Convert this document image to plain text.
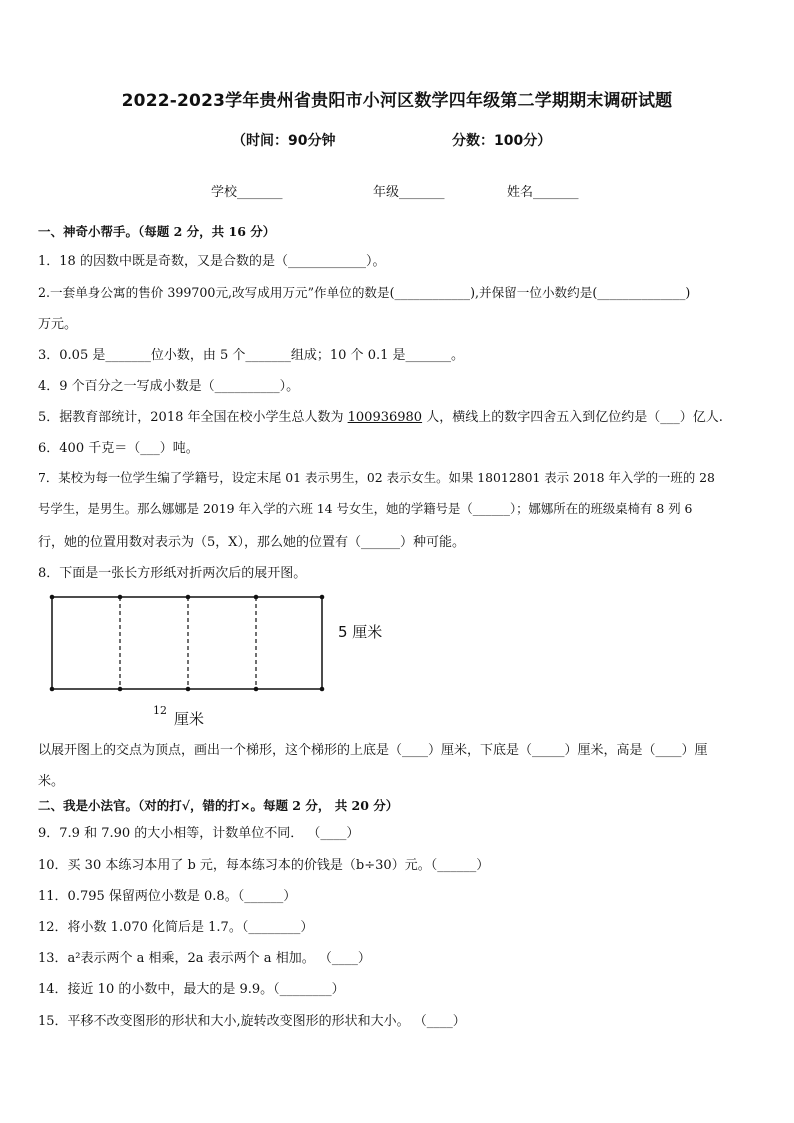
2022-2023学年贵州省贵阳市小河区数学四年级第二学期期末调研试题
（时间：90分钟	分数：100分）
学校_______	年级_______	姓名_______
一、神奇小帮手。（每题 2 分，共 16 分）
1．18 的因数中既是奇数，又是合数的是（____________）。
2.一套单身公寓的售价 399700元,改写成用万元”作单位的数是(____________),并保留一位小数约是(______________)
万元。
3．0.05 是_______位小数，由 5 个_______组成；10 个 0.1 是_______。
4．9 个百分之一写成小数是（__________）。
5．据教育部统计，2018 年全国在校小学生总人数为 100936980 人，横线上的数字四舍五入到亿位约是（___）亿人.
6．400 千克＝（___）吨。
7．某校为每一位学生编了学籍号，设定末尾 01 表示男生，02 表示女生。如果 18012801 表示 2018 年入学的一班的 28
号学生，是男生。那么娜娜是 2019 年入学的六班 14 号女生，她的学籍号是（______）；娜娜所在的班级桌椅有 8 列 6
行，她的位置用数对表示为（5，X），那么她的位置有（______）种可能。
8．下面是一张长方形纸对折两次后的展开图。
5 厘米
12 厘米
以展开图上的交点为顶点，画出一个梯形，这个梯形的上底是（____）厘米，下底是（_____）厘米，高是（____）厘
米。
二、我是小法官。（对的打√，错的打×。每题 2 分， 共 20 分）
9．7.9 和 7.90 的大小相等，计数单位不同． （____）
10．买 30 本练习本用了 b 元，每本练习本的价钱是（b÷30）元。（______）
11．0.795 保留两位小数是 0.8。（______）
12．将小数 1.070 化简后是 1.7。（________）
13．a²表示两个 a 相乘，2a 表示两个 a 相加。 （____）
14．接近 10 的小数中，最大的是 9.9。（________）
15．平移不改变图形的形状和大小,旋转改变图形的形状和大小。 （____）
